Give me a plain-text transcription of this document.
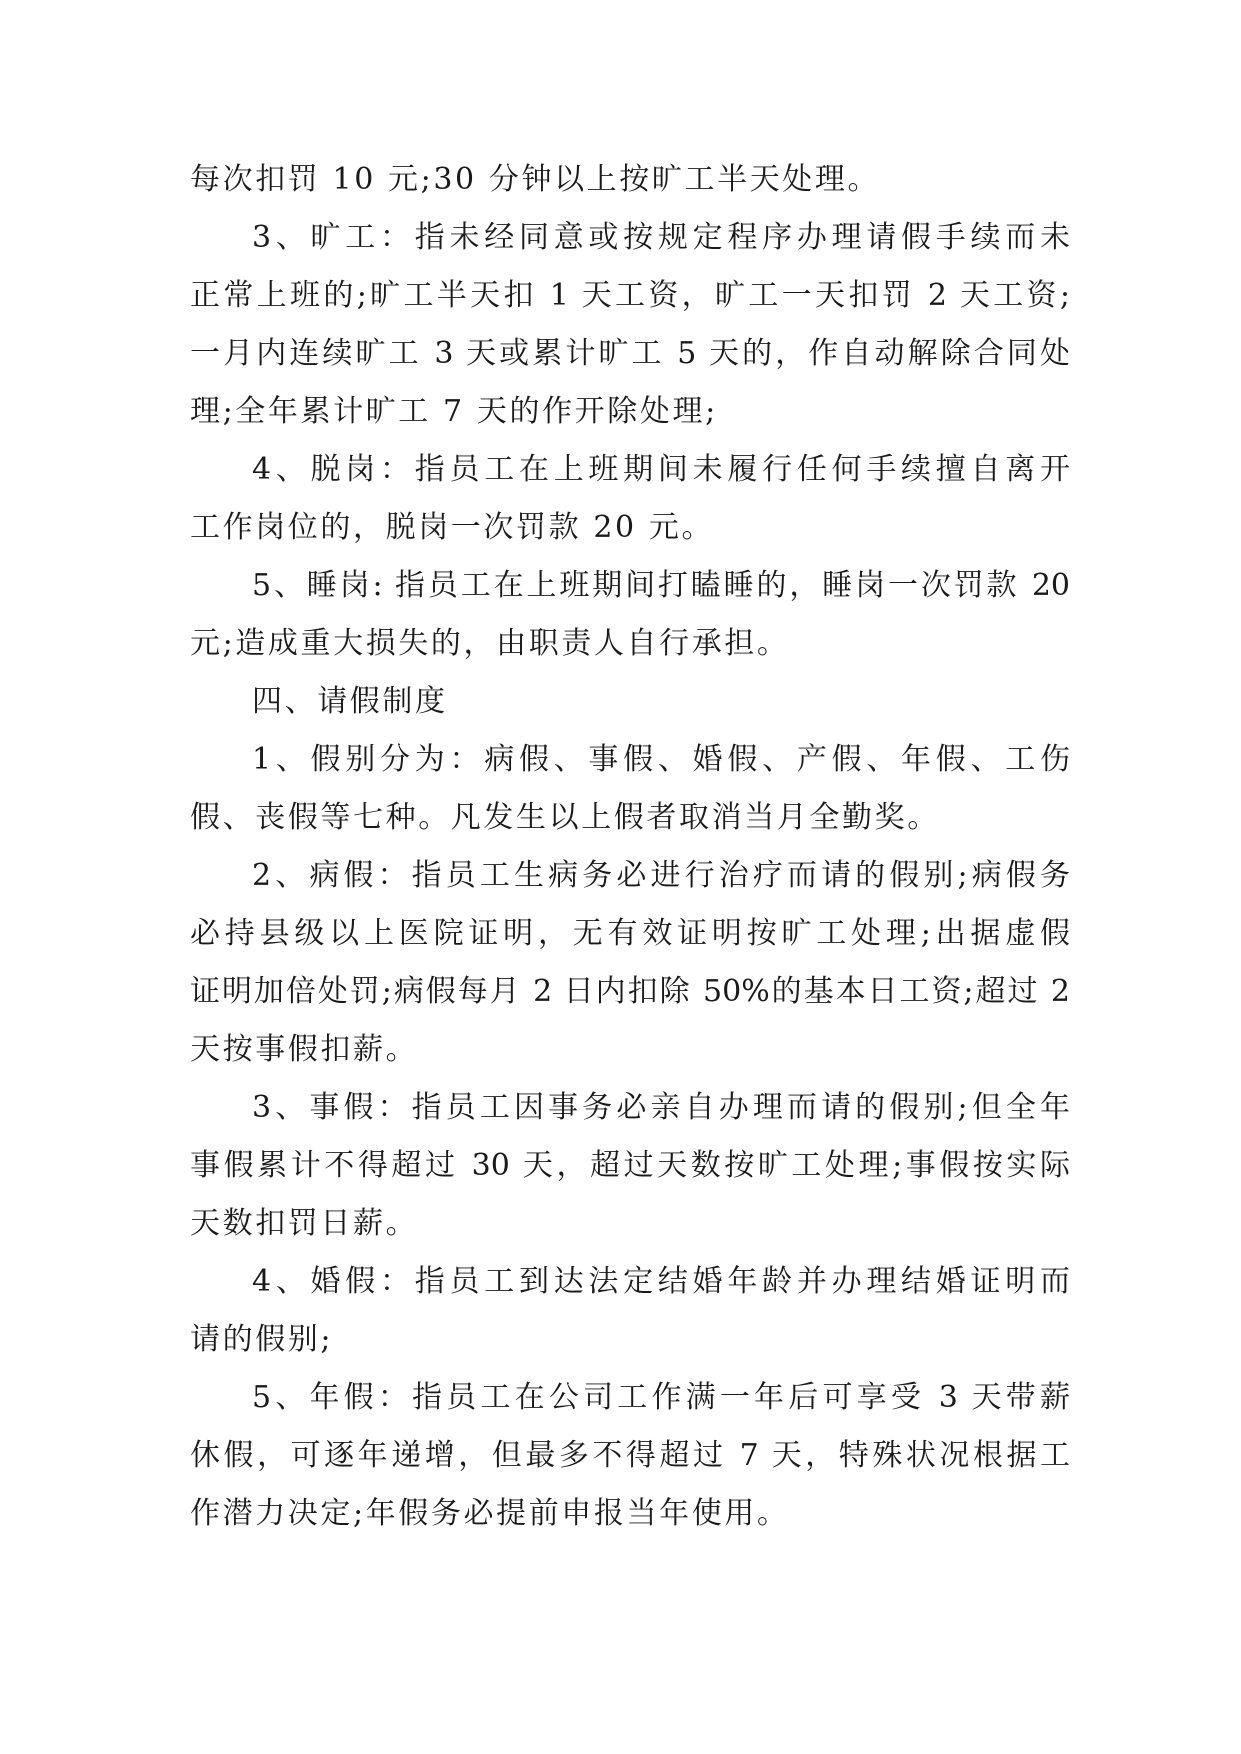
每次扣罚 10 元;30 分钟以上按旷工半天处理。
3、旷工：指未经同意或按规定程序办理请假手续而未
正常上班的;旷工半天扣 1 天工资，旷工一天扣罚 2 天工资;
一月内连续旷工 3 天或累计旷工 5 天的，作自动解除合同处
理;全年累计旷工 7 天的作开除处理;
4、脱岗：指员工在上班期间未履行任何手续擅自离开
工作岗位的，脱岗一次罚款 20 元。
5、睡岗: 指员工在上班期间打瞌睡的，睡岗一次罚款 20
元;造成重大损失的，由职责人自行承担。
四、请假制度
1、假别分为：病假、事假、婚假、产假、年假、工伤
假、丧假等七种。凡发生以上假者取消当月全勤奖。
2、病假：指员工生病务必进行治疗而请的假别;病假务
必持县级以上医院证明，无有效证明按旷工处理;出据虚假
证明加倍处罚;病假每月 2 日内扣除 50%的基本日工资;超过 2
天按事假扣薪。
3、事假：指员工因事务必亲自办理而请的假别;但全年
事假累计不得超过 30 天，超过天数按旷工处理;事假按实际
天数扣罚日薪。
4、婚假：指员工到达法定结婚年龄并办理结婚证明而
请的假别;
5、年假：指员工在公司工作满一年后可享受 3 天带薪
休假，可逐年递增，但最多不得超过 7 天，特殊状况根据工
作潜力决定;年假务必提前申报当年使用。
